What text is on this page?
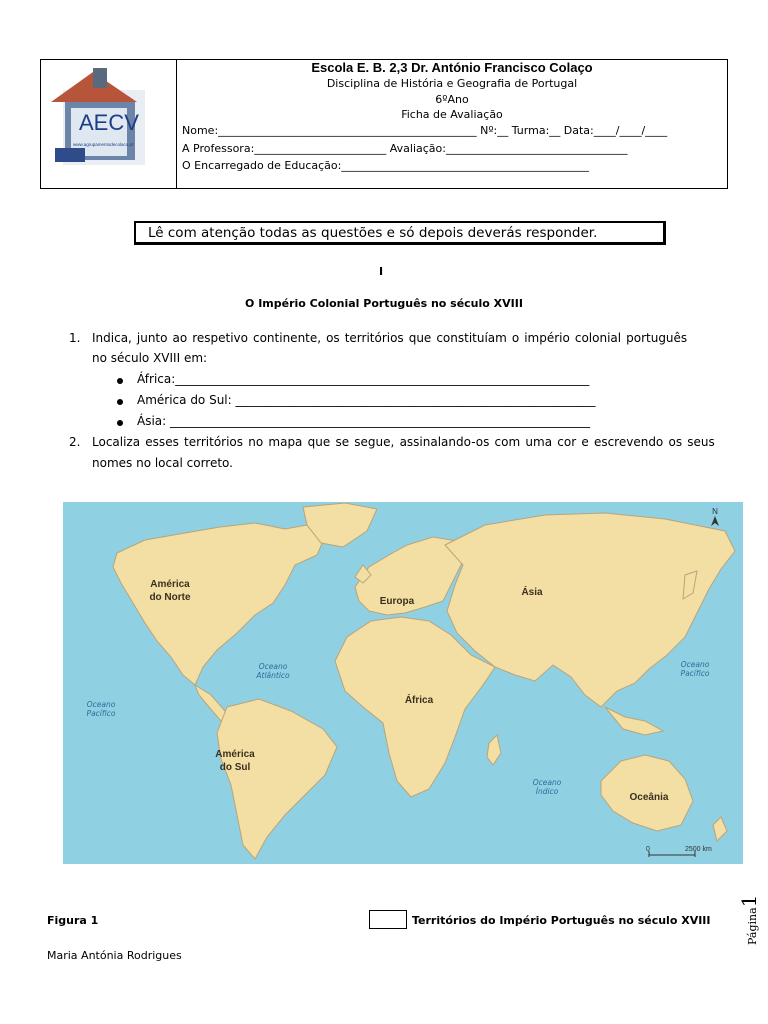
AECV
www.agrupamentodecolaco.pt
Escola E. B. 2,3 Dr. António Francisco Colaço
Disciplina de História e Geografia de Portugal
6ºAno
Ficha de Avaliação
Nome:_______________________________________________ Nº:__ Turma:__ Data:____/____/____
A Professora:________________________ Avaliação:_________________________________
O Encarregado de Educação:_____________________________________________
Lê com atenção todas as questões e só depois deverás responder.
I
O Império Colonial Português no século XVIII
1. Indica, junto ao respetivo continente, os territórios que constituíam o império colonial português
no século XVIII em:
África:_____________________________________________________________________
América do Sul: ____________________________________________________________
Ásia: ______________________________________________________________________
2. Localiza esses territórios no mapa que se segue, assinalando-os com uma cor e escrevendo os seus
nomes no local correto.
América
do Norte	Europa
Ásia
África
América
do Sul
Oceânia
Oceano
Atlântico
Oceano
Pacífico
Oceano
Pacífico
Oceano
Índico
N
0	2500 km
Figura 1	Territórios do Império Português no século XVIII
Maria Antónia Rodrigues
Página1
